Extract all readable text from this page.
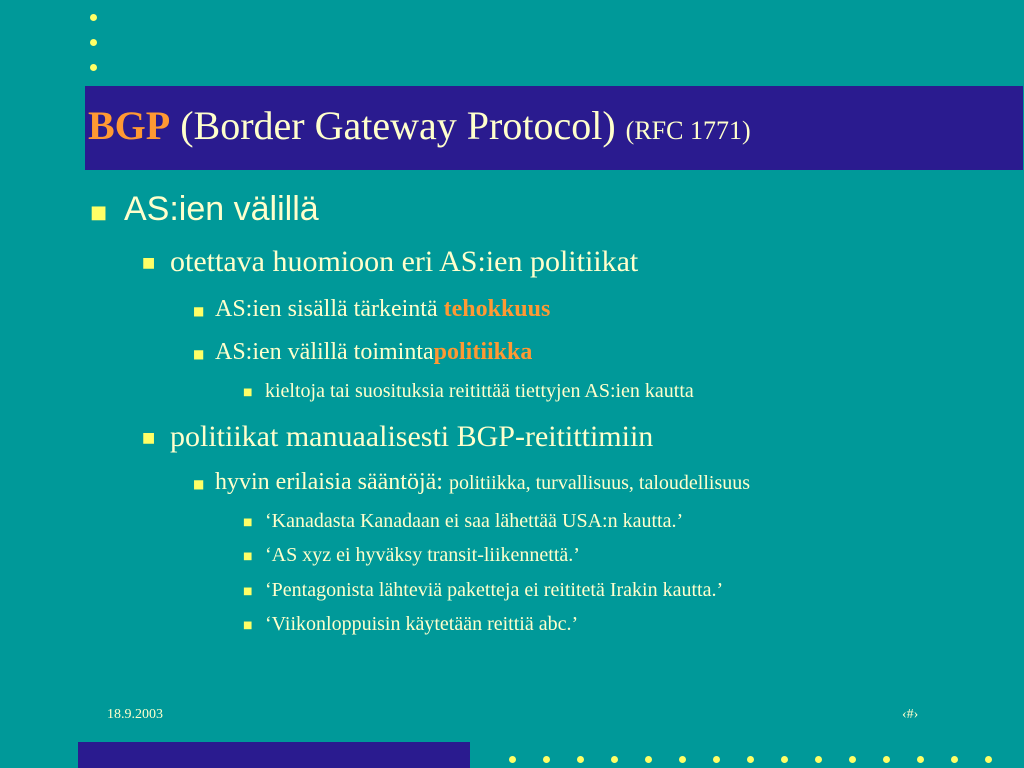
BGP (Border Gateway Protocol) (RFC 1771)
■ AS:ien välillä
■ otettava huomioon eri AS:ien politiikat
■ AS:ien sisällä tärkeintä tehokkuus
■ AS:ien välillä toimintapolitiikka
■ kieltoja tai suosituksia reitittää tiettyjen AS:ien kautta
■ politiikat manuaalisesti BGP-reitittimiin
■ hyvin erilaisia sääntöjä: politiikka, turvallisuus, taloudellisuus
■ ‘Kanadasta Kanadaan ei saa lähettää USA:n kautta.’
■ ‘AS xyz ei hyväksy transit-liikennettä.’
■ ‘Pentagonista lähteviä paketteja ei reititetä Irakin kautta.’
■ ‘Viikonloppuisin käytetään reittiä abc.’
18.9.2003	‹#›
